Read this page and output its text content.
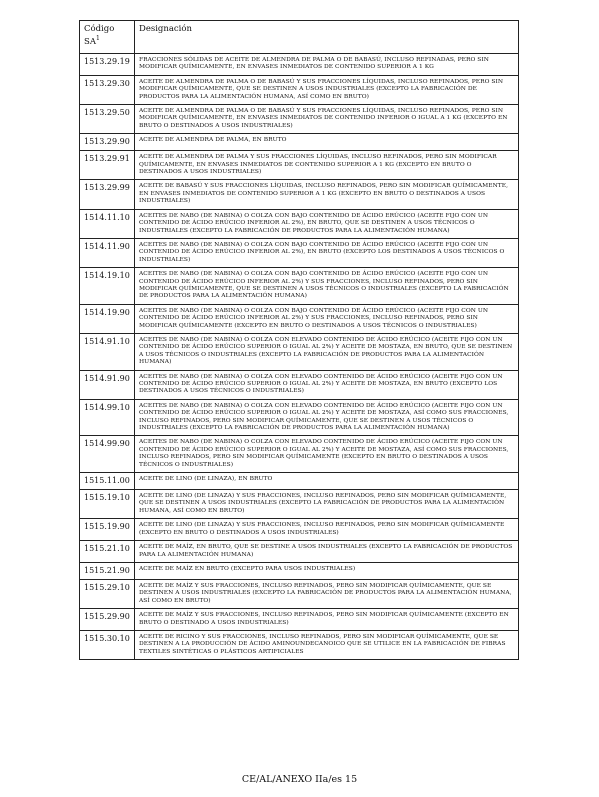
Código $SA^1$	Designación
1513.29.19	FRACCIONES SÓLIDAS DE ACEITE DE ALMENDRA DE PALMA O DE BABASÚ, INCLUSO REFINADAS, PERO SIN MODIFICAR QUÍMICAMENTE, EN ENVASES INMEDIATOS DE CONTENIDO SUPERIOR A 1 KG
1513.29.30	ACEITE DE ALMENDRA DE PALMA O DE BABASÚ Y SUS FRACCIONES LÍQUIDAS, INCLUSO REFINADOS, PERO SIN MODIFICAR QUÍMICAMENTE, QUE SE DESTINEN A USOS INDUSTRIALES (EXCEPTO LA FABRICACIÓN DE PRODUCTOS PARA LA ALIMENTACIÓN HUMANA, ASÍ COMO EN BRUTO)
1513.29.50	ACEITE DE ALMENDRA DE PALMA O DE BABASÚ Y SUS FRACCIONES LÍQUIDAS, INCLUSO REFINADOS, PERO SIN MODIFICAR QUÍMICAMENTE, EN ENVASES INMEDIATOS DE CONTENIDO INFERIOR O IGUAL A 1 KG (EXCEPTO EN BRUTO O DESTINADOS A USOS INDUSTRIALES)
1513.29.90	ACEITE DE ALMENDRA DE PALMA, EN BRUTO
1513.29.91	ACEITE DE ALMENDRA DE PALMA Y SUS FRACCIONES LÍQUIDAS, INCLUSO REFINADOS, PERO SIN MODIFICAR QUÍMICAMENTE, EN ENVASES INMEDIATOS DE CONTENIDO SUPERIOR A 1 KG (EXCEPTO EN BRUTO O DESTINADOS A USOS INDUSTRIALES)
1513.29.99	ACEITE DE BABASÚ Y SUS FRACCIONES LÍQUIDAS, INCLUSO REFINADOS, PERO SIN MODIFICAR QUÍMICAMENTE, EN ENVASES INMEDIATOS DE CONTENIDO SUPERIOR A 1 KG (EXCEPTO EN BRUTO O DESTINADOS A USOS INDUSTRIALES)
1514.11.10	ACEITES DE NABO (DE NABINA) O COLZA CON BAJO CONTENIDO DE ÁCIDO ERÚCICO (ACEITE FIJO CON UN CONTENIDO DE ÁCIDO ERÚCICO INFERIOR AL 2%), EN BRUTO, QUE SE DESTINEN A USOS TÉCNICOS O INDUSTRIALES (EXCEPTO LA FABRICACIÓN DE PRODUCTOS PARA LA ALIMENTACIÓN HUMANA)
1514.11.90	ACEITES DE NABO (DE NABINA) O COLZA CON BAJO CONTENIDO DE ÁCIDO ERÚCICO (ACEITE FIJO CON UN CONTENIDO DE ÁCIDO ERÚCICO INFERIOR AL 2%), EN BRUTO (EXCEPTO LOS DESTINADOS A USOS TÉCNICOS O INDUSTRIALES)
1514.19.10	ACEITES DE NABO (DE NABINA) O COLZA CON BAJO CONTENIDO DE ÁCIDO ERÚCICO (ACEITE FIJO CON UN CONTENIDO DE ÁCIDO ERÚCICO INFERIOR AL 2%) Y SUS FRACCIONES, INCLUSO REFINADOS, PERO SIN MODIFICAR QUÍMICAMENTE, QUE SE DESTINEN A USOS TÉCNICOS O INDUSTRIALES (EXCEPTO LA FABRICACIÓN DE PRODUCTOS PARA LA ALIMENTACIÓN HUMANA)
1514.19.90	ACEITES DE NABO (DE NABINA) O COLZA CON BAJO CONTENIDO DE ÁCIDO ERÚCICO (ACEITE FIJO CON UN CONTENIDO DE ÁCIDO ERÚCICO INFERIOR AL 2%) Y SUS FRACCIONES, INCLUSO REFINADOS, PERO SIN MODIFICAR QUÍMICAMENTE (EXCEPTO EN BRUTO O DESTINADOS A USOS TÉCNICOS O INDUSTRIALES)
1514.91.10	ACEITES DE NABO (DE NABINA) O COLZA CON ELEVADO CONTENIDO DE ÁCIDO ERÚCICO (ACEITE FIJO CON UN CONTENIDO DE ÁCIDO ERÚCICO SUPERIOR O IGUAL AL 2%) Y ACEITE DE MOSTAZA, EN BRUTO, QUE SE DESTINEN A USOS TÉCNICOS O INDUSTRIALES (EXCEPTO LA FABRICACIÓN DE PRODUCTOS PARA LA ALIMENTACIÓN HUMANA)
1514.91.90	ACEITES DE NABO (DE NABINA) O COLZA CON ELEVADO CONTENIDO DE ÁCIDO ERÚCICO (ACEITE FIJO CON UN CONTENIDO DE ÁCIDO ERÚCICO SUPERIOR O IGUAL AL 2%) Y ACEITE DE MOSTAZA, EN BRUTO (EXCEPTO LOS DESTINADOS A USOS TÉCNICOS O INDUSTRIALES)
1514.99.10	ACEITES DE NABO (DE NABINA) O COLZA CON ELEVADO CONTENIDO DE ÁCIDO ERÚCICO (ACEITE FIJO CON UN CONTENIDO DE ÁCIDO ERÚCICO SUPERIOR O IGUAL AL 2%) Y ACEITE DE MOSTAZA, ASÍ COMO SUS FRACCIONES, INCLUSO REFINADOS, PERO SIN MODIFICAR QUÍMICAMENTE, QUE SE DESTINEN A USOS TÉCNICOS O INDUSTRIALES (EXCEPTO LA FABRICACIÓN DE PRODUCTOS PARA LA ALIMENTACIÓN HUMANA)
1514.99.90	ACEITES DE NABO (DE NABINA) O COLZA CON ELEVADO CONTENIDO DE ÁCIDO ERÚCICO (ACEITE FIJO CON UN CONTENIDO DE ÁCIDO ERÚCICO SUPERIOR O IGUAL AL 2%) Y ACEITE DE MOSTAZA, ASÍ COMO SUS FRACCIONES, INCLUSO REFINADOS, PERO SIN MODIFICAR QUÍMICAMENTE (EXCEPTO EN BRUTO O DESTINADOS A USOS TÉCNICOS O INDUSTRIALES)
1515.11.00	ACEITE DE LINO (DE LINAZA), EN BRUTO
1515.19.10	ACEITE DE LINO (DE LINAZA) Y SUS FRACCIONES, INCLUSO REFINADOS, PERO SIN MODIFICAR QUÍMICAMENTE, QUE SE DESTINEN A USOS INDUSTRIALES (EXCEPTO LA FABRICACIÓN DE PRODUCTOS PARA LA ALIMENTACIÓN HUMANA, ASÍ COMO EN BRUTO)
1515.19.90	ACEITE DE LINO (DE LINAZA) Y SUS FRACCIONES, INCLUSO REFINADOS, PERO SIN MODIFICAR QUÍMICAMENTE (EXCEPTO EN BRUTO O DESTINADOS A USOS INDUSTRIALES)
1515.21.10	ACEITE DE MAÍZ, EN BRUTO, QUE SE DESTINE A USOS INDUSTRIALES (EXCEPTO LA FABRICACIÓN DE PRODUCTOS PARA LA ALIMENTACIÓN HUMANA)
1515.21.90	ACEITE DE MAÍZ EN BRUTO (EXCEPTO PARA USOS INDUSTRIALES)
1515.29.10	ACEITE DE MAÍZ Y SUS FRACCIONES, INCLUSO REFINADOS, PERO SIN MODIFICAR QUÍMICAMENTE, QUE SE DESTINEN A USOS INDUSTRIALES (EXCEPTO LA FABRICACIÓN DE PRODUCTOS PARA LA ALIMENTACIÓN HUMANA, ASÍ COMO EN BRUTO)
1515.29.90	ACEITE DE MAÍZ Y SUS FRACCIONES, INCLUSO REFINADOS, PERO SIN MODIFICAR QUÍMICAMENTE (EXCEPTO EN BRUTO O DESTINADO A USOS INDUSTRIALES)
1515.30.10	ACEITE DE RICINO Y SUS FRACCIONES, INCLUSO REFINADOS, PERO SIN MODIFICAR QUÍMICAMENTE, QUE SE DESTINEN A LA PRODUCCIÓN DE ÁCIDO AMINOUNDECANOICO QUE SE UTILICE EN LA FABRICACIÓN DE FIBRAS TEXTILES SINTÉTICAS O PLÁSTICOS ARTIFICIALES
CE/AL/ANEXO IIa/es 15
